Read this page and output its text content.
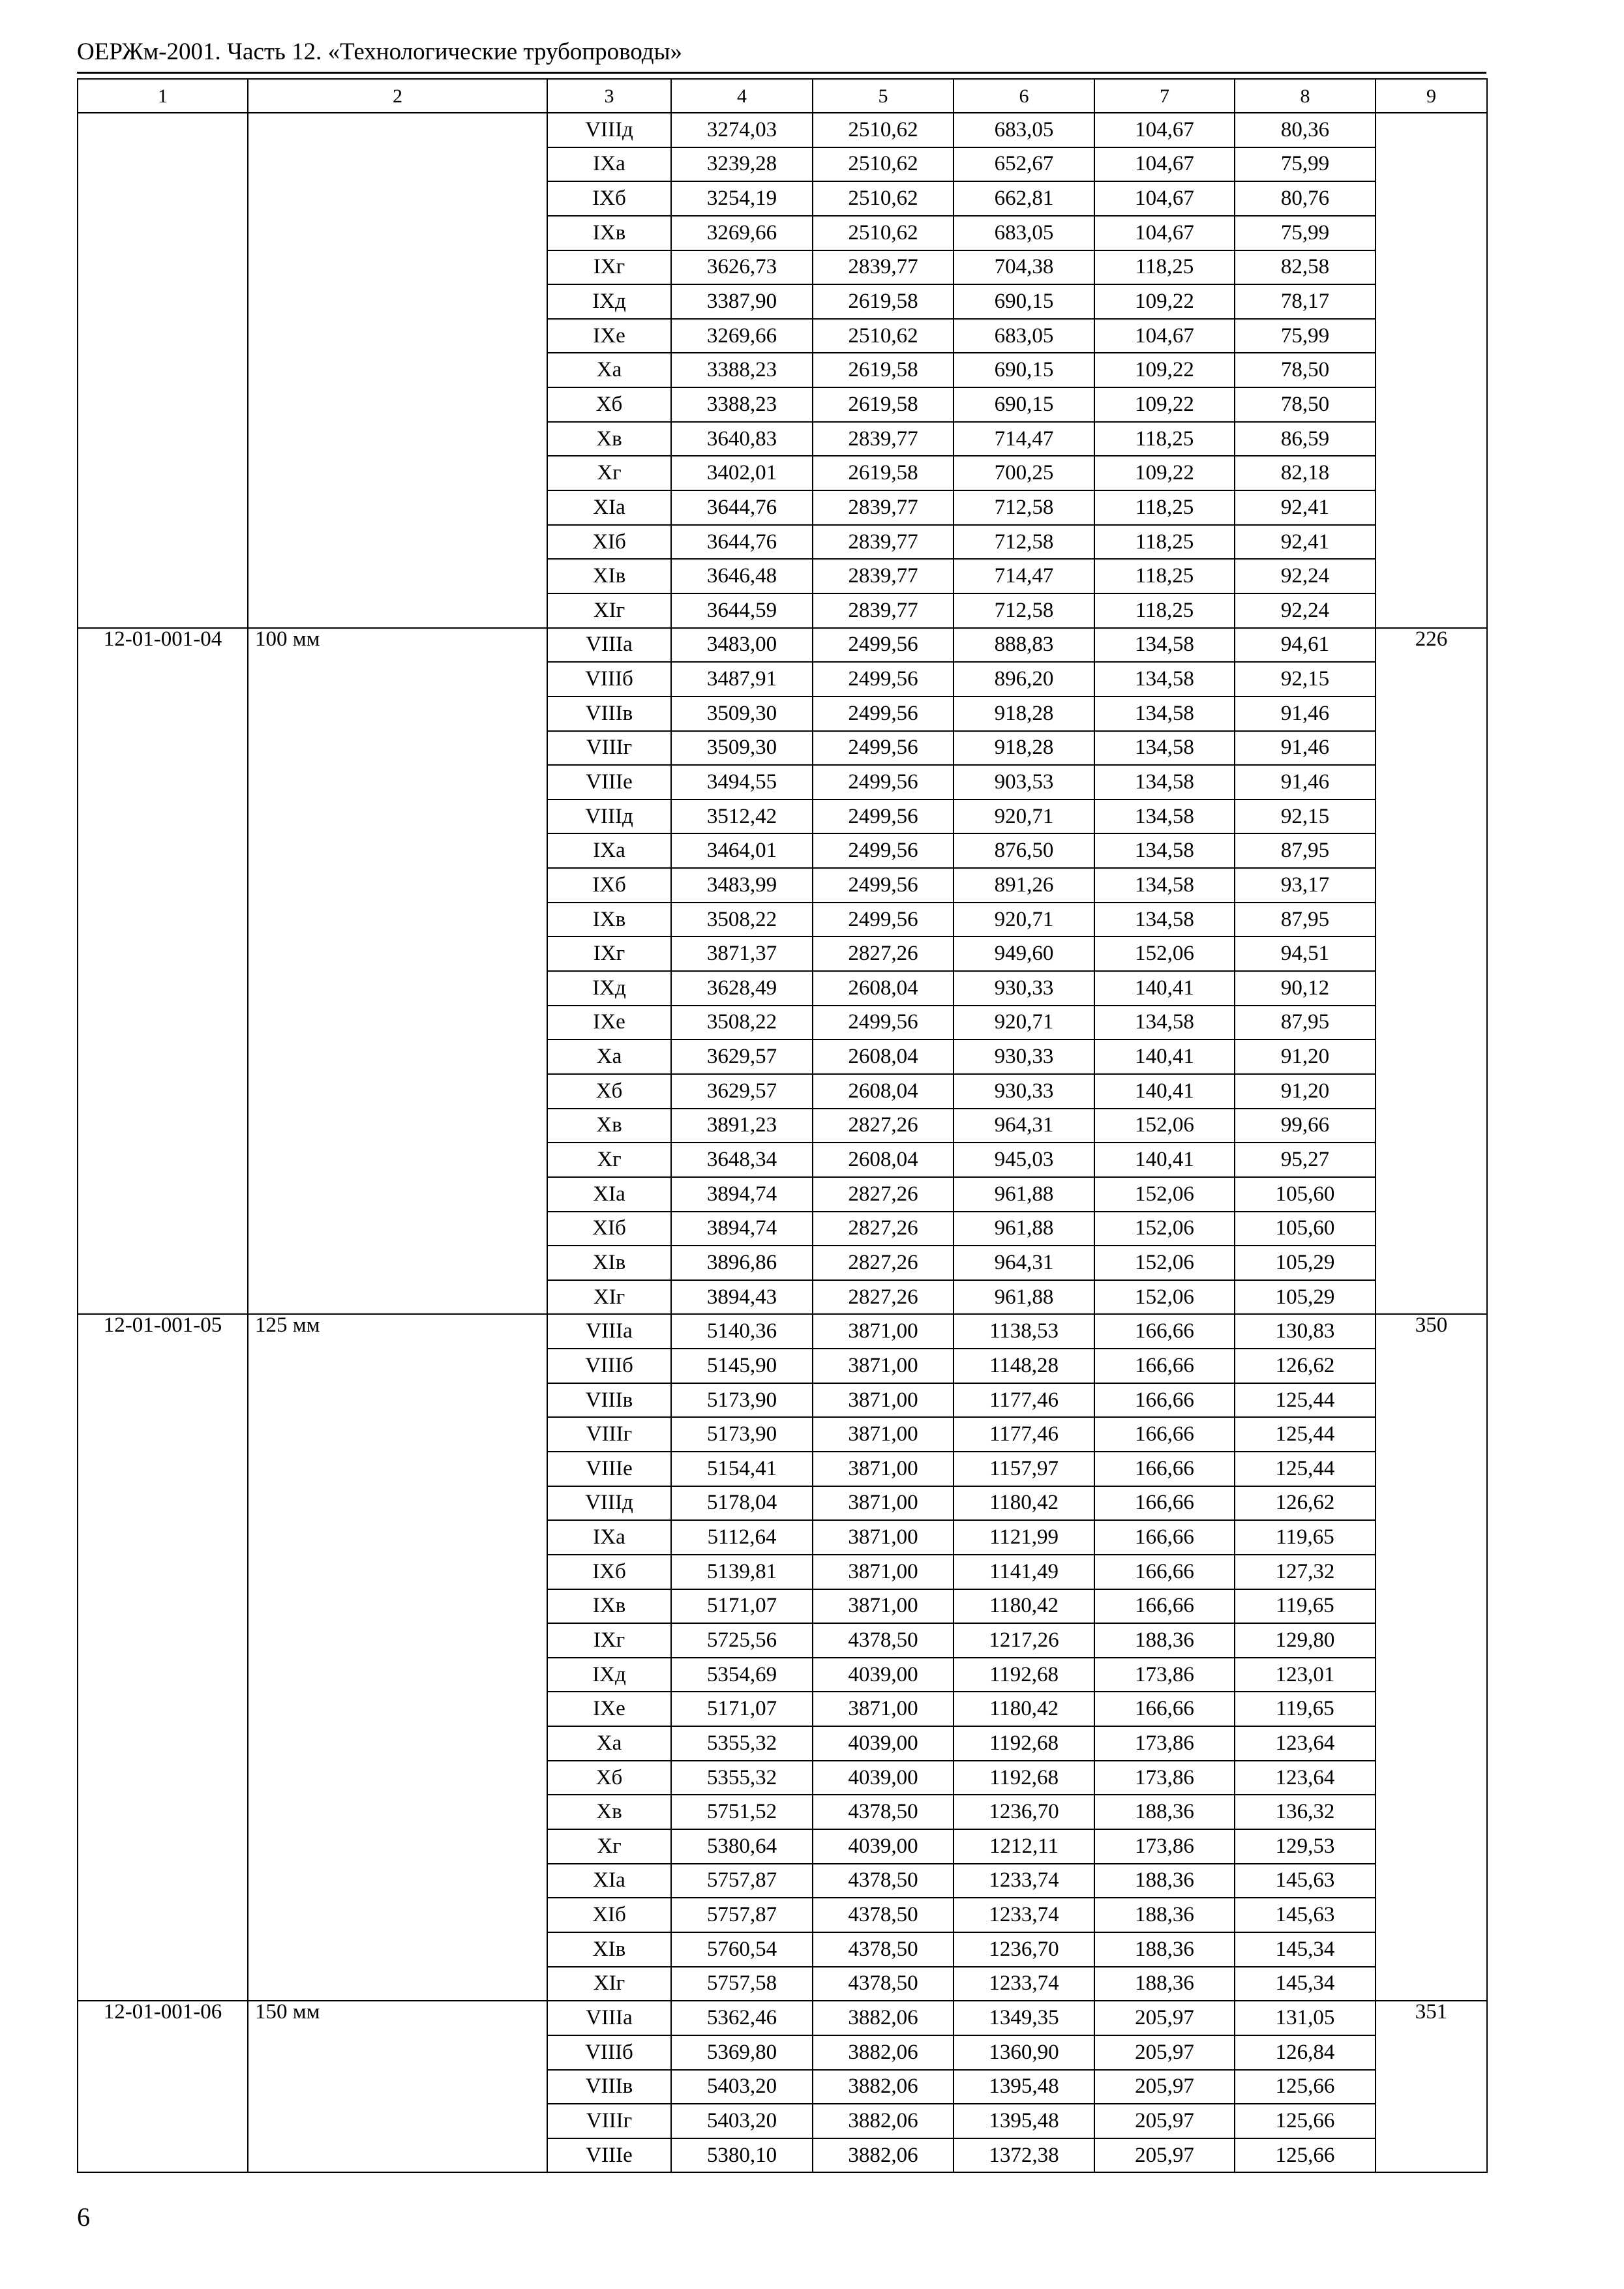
ОЕРЖм-2001. Часть 12. «Технологические трубопроводы»
1	2	3	4	5	6	7	8	9
		VIIIд	3274,03	2510,62	683,05	104,67	80,36	
		IXа	3239,28	2510,62	652,67	104,67	75,99	
		IXб	3254,19	2510,62	662,81	104,67	80,76	
		IXв	3269,66	2510,62	683,05	104,67	75,99	
		IXг	3626,73	2839,77	704,38	118,25	82,58	
		IXд	3387,90	2619,58	690,15	109,22	78,17	
		IXе	3269,66	2510,62	683,05	104,67	75,99	
		Xа	3388,23	2619,58	690,15	109,22	78,50	
		Xб	3388,23	2619,58	690,15	109,22	78,50	
		Xв	3640,83	2839,77	714,47	118,25	86,59	
		Xг	3402,01	2619,58	700,25	109,22	82,18	
		XIа	3644,76	2839,77	712,58	118,25	92,41	
		XIб	3644,76	2839,77	712,58	118,25	92,41	
		XIв	3646,48	2839,77	714,47	118,25	92,24	
		XIг	3644,59	2839,77	712,58	118,25	92,24	
12-01-001-04	100 мм	VIIIа	3483,00	2499,56	888,83	134,58	94,61	226
		VIIIб	3487,91	2499,56	896,20	134,58	92,15	
		VIIIв	3509,30	2499,56	918,28	134,58	91,46	
		VIIIг	3509,30	2499,56	918,28	134,58	91,46	
		VIIIе	3494,55	2499,56	903,53	134,58	91,46	
		VIIIд	3512,42	2499,56	920,71	134,58	92,15	
		IXа	3464,01	2499,56	876,50	134,58	87,95	
		IXб	3483,99	2499,56	891,26	134,58	93,17	
		IXв	3508,22	2499,56	920,71	134,58	87,95	
		IXг	3871,37	2827,26	949,60	152,06	94,51	
		IXд	3628,49	2608,04	930,33	140,41	90,12	
		IXе	3508,22	2499,56	920,71	134,58	87,95	
		Xа	3629,57	2608,04	930,33	140,41	91,20	
		Xб	3629,57	2608,04	930,33	140,41	91,20	
		Xв	3891,23	2827,26	964,31	152,06	99,66	
		Xг	3648,34	2608,04	945,03	140,41	95,27	
		XIа	3894,74	2827,26	961,88	152,06	105,60	
		XIб	3894,74	2827,26	961,88	152,06	105,60	
		XIв	3896,86	2827,26	964,31	152,06	105,29	
		XIг	3894,43	2827,26	961,88	152,06	105,29	
12-01-001-05	125 мм	VIIIа	5140,36	3871,00	1138,53	166,66	130,83	350
		VIIIб	5145,90	3871,00	1148,28	166,66	126,62	
		VIIIв	5173,90	3871,00	1177,46	166,66	125,44	
		VIIIг	5173,90	3871,00	1177,46	166,66	125,44	
		VIIIе	5154,41	3871,00	1157,97	166,66	125,44	
		VIIIд	5178,04	3871,00	1180,42	166,66	126,62	
		IXа	5112,64	3871,00	1121,99	166,66	119,65	
		IXб	5139,81	3871,00	1141,49	166,66	127,32	
		IXв	5171,07	3871,00	1180,42	166,66	119,65	
		IXг	5725,56	4378,50	1217,26	188,36	129,80	
		IXд	5354,69	4039,00	1192,68	173,86	123,01	
		IXе	5171,07	3871,00	1180,42	166,66	119,65	
		Xа	5355,32	4039,00	1192,68	173,86	123,64	
		Xб	5355,32	4039,00	1192,68	173,86	123,64	
		Xв	5751,52	4378,50	1236,70	188,36	136,32	
		Xг	5380,64	4039,00	1212,11	173,86	129,53	
		XIа	5757,87	4378,50	1233,74	188,36	145,63	
		XIб	5757,87	4378,50	1233,74	188,36	145,63	
		XIв	5760,54	4378,50	1236,70	188,36	145,34	
		XIг	5757,58	4378,50	1233,74	188,36	145,34	
12-01-001-06	150 мм	VIIIа	5362,46	3882,06	1349,35	205,97	131,05	351
		VIIIб	5369,80	3882,06	1360,90	205,97	126,84	
		VIIIв	5403,20	3882,06	1395,48	205,97	125,66	
		VIIIг	5403,20	3882,06	1395,48	205,97	125,66	
		VIIIе	5380,10	3882,06	1372,38	205,97	125,66	
6
